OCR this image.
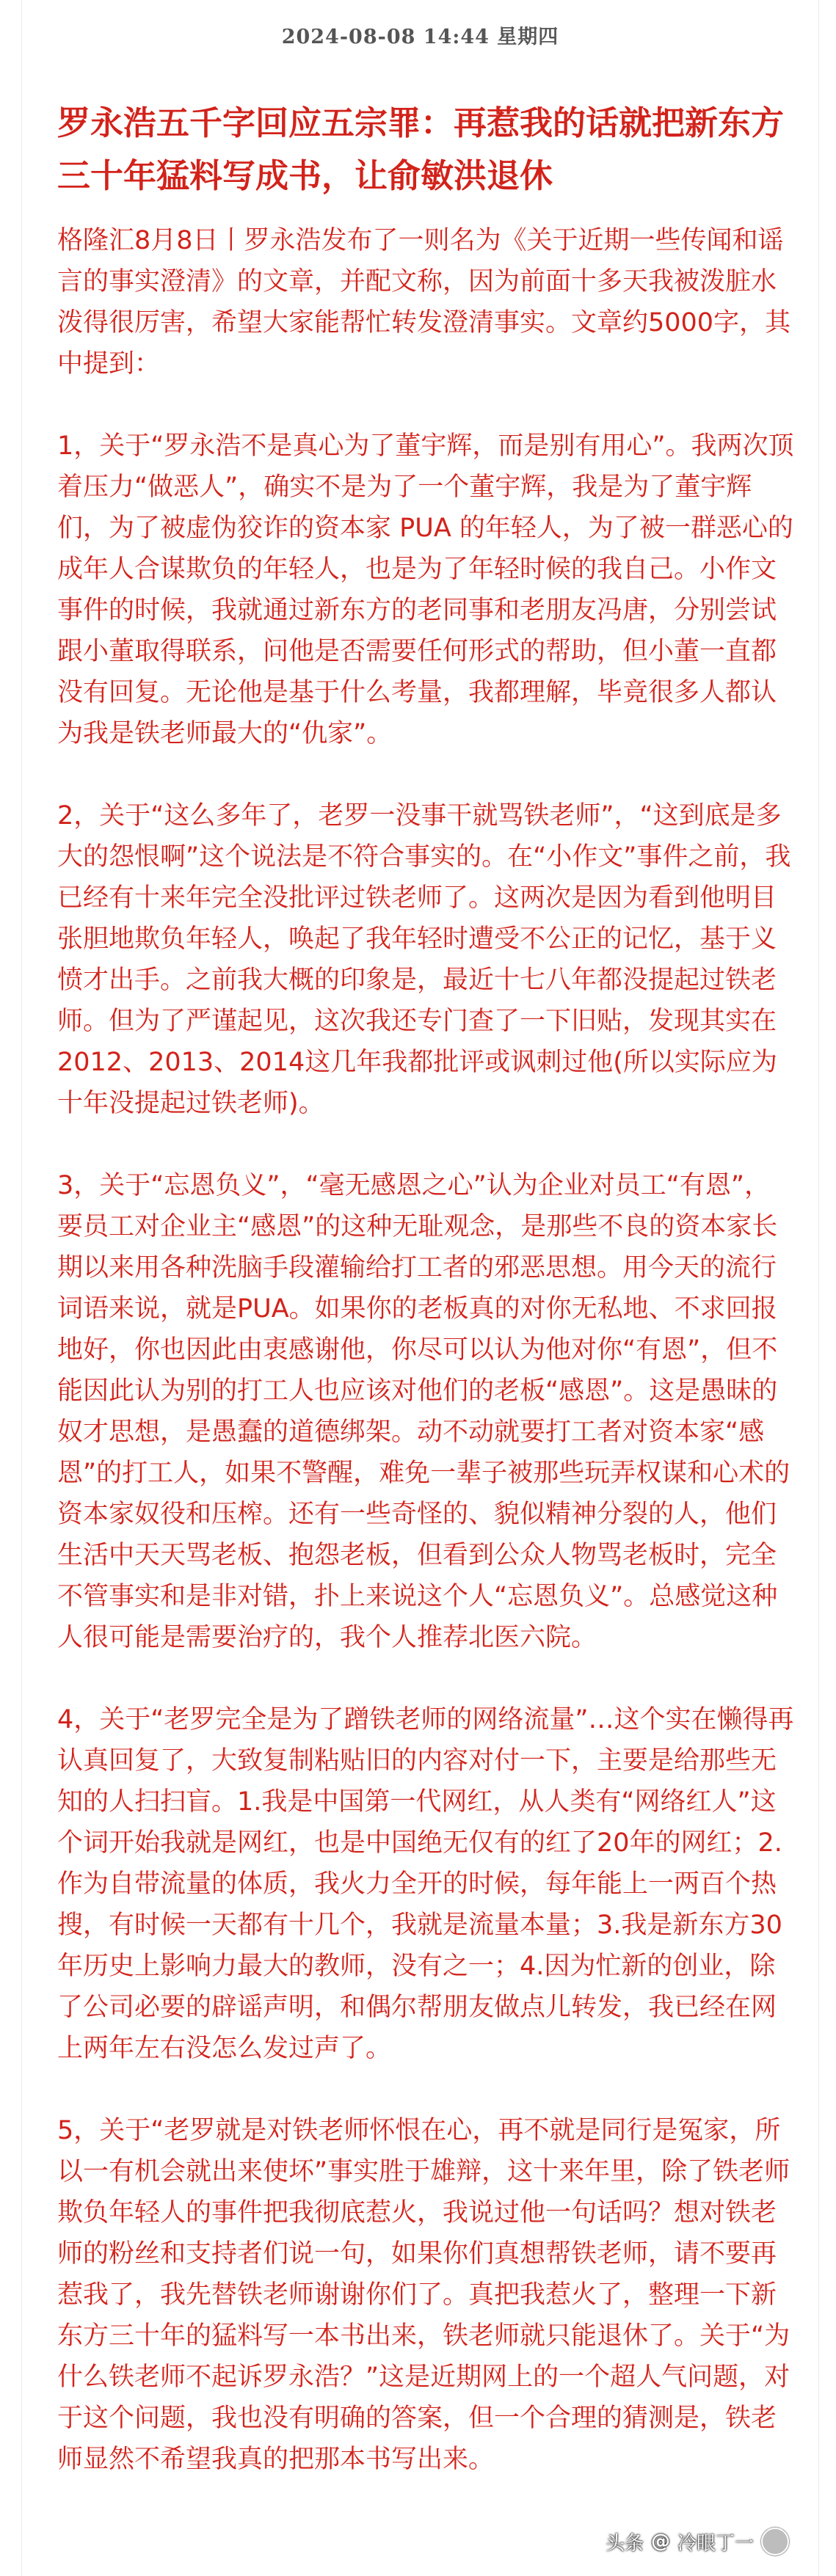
2024-08-08 14:44 星期四
罗永浩五千字回应五宗罪：再惹我的话就把新东方三十年猛料写成书，让俞敏洪退休

格隆汇8月8日丨罗永浩发布了一则名为《关于近期一些传闻和谣言的事实澄清》的文章，并配文称，因为前面十多天我被泼脏水泼得很厉害，希望大家能帮忙转发澄清事实。文章约5000字，其中提到：

1，关于“罗永浩不是真心为了董宇辉，而是别有用心”。我两次顶着压力“做恶人”，确实不是为了一个董宇辉，我是为了董宇辉们，为了被虚伪狡诈的资本家 PUA 的年轻人，为了被一群恶心的成年人合谋欺负的年轻人，也是为了年轻时候的我自己。小作文事件的时候，我就通过新东方的老同事和老朋友冯唐，分别尝试跟小董取得联系，问他是否需要任何形式的帮助，但小董一直都没有回复。无论他是基于什么考量，我都理解，毕竟很多人都认为我是铁老师最大的“仇家”。

2，关于“这么多年了，老罗一没事干就骂铁老师”，“这到底是多大的怨恨啊”这个说法是不符合事实的。在“小作文”事件之前，我已经有十来年完全没批评过铁老师了。这两次是因为看到他明目张胆地欺负年轻人，唤起了我年轻时遭受不公正的记忆，基于义愤才出手。之前我大概的印象是，最近十七八年都没提起过铁老师。但为了严谨起见，这次我还专门查了一下旧贴，发现其实在2012、2013、2014这几年我都批评或讽刺过他(所以实际应为十年没提起过铁老师)。

3，关于“忘恩负义”，“毫无感恩之心”认为企业对员工“有恩”，要员工对企业主“感恩”的这种无耻观念，是那些不良的资本家长期以来用各种洗脑手段灌输给打工者的邪恶思想。用今天的流行词语来说，就是PUA。如果你的老板真的对你无私地、不求回报地好，你也因此由衷感谢他，你尽可以认为他对你“有恩”，但不能因此认为别的打工人也应该对他们的老板“感恩”。这是愚昧的奴才思想，是愚蠢的道德绑架。动不动就要打工者对资本家“感恩”的打工人，如果不警醒，难免一辈子被那些玩弄权谋和心术的资本家奴役和压榨。还有一些奇怪的、貌似精神分裂的人，他们生活中天天骂老板、抱怨老板，但看到公众人物骂老板时，完全不管事实和是非对错，扑上来说这个人“忘恩负义”。总感觉这种人很可能是需要治疗的，我个人推荐北医六院。

4，关于“老罗完全是为了蹭铁老师的网络流量”…这个实在懒得再认真回复了，大致复制粘贴旧的内容对付一下，主要是给那些无知的人扫扫盲。1.我是中国第一代网红，从人类有“网络红人”这个词开始我就是网红，也是中国绝无仅有的红了20年的网红；2.作为自带流量的体质，我火力全开的时候，每年能上一两百个热搜，有时候一天都有十几个，我就是流量本量；3.我是新东方30年历史上影响力最大的教师，没有之一；4.因为忙新的创业，除了公司必要的辟谣声明，和偶尔帮朋友做点儿转发，我已经在网上两年左右没怎么发过声了。

5，关于“老罗就是对铁老师怀恨在心，再不就是同行是冤家，所以一有机会就出来使坏”事实胜于雄辩，这十来年里，除了铁老师欺负年轻人的事件把我彻底惹火，我说过他一句话吗？想对铁老师的粉丝和支持者们说一句，如果你们真想帮铁老师，请不要再惹我了，我先替铁老师谢谢你们了。真把我惹火了，整理一下新东方三十年的猛料写一本书出来，铁老师就只能退休了。关于“为什么铁老师不起诉罗永浩？”这是近期网上的一个超人气问题，对于这个问题，我也没有明确的答案，但一个合理的猜测是，铁老师显然不希望我真的把那本书写出来。

头条 @ 冷眼丁一
